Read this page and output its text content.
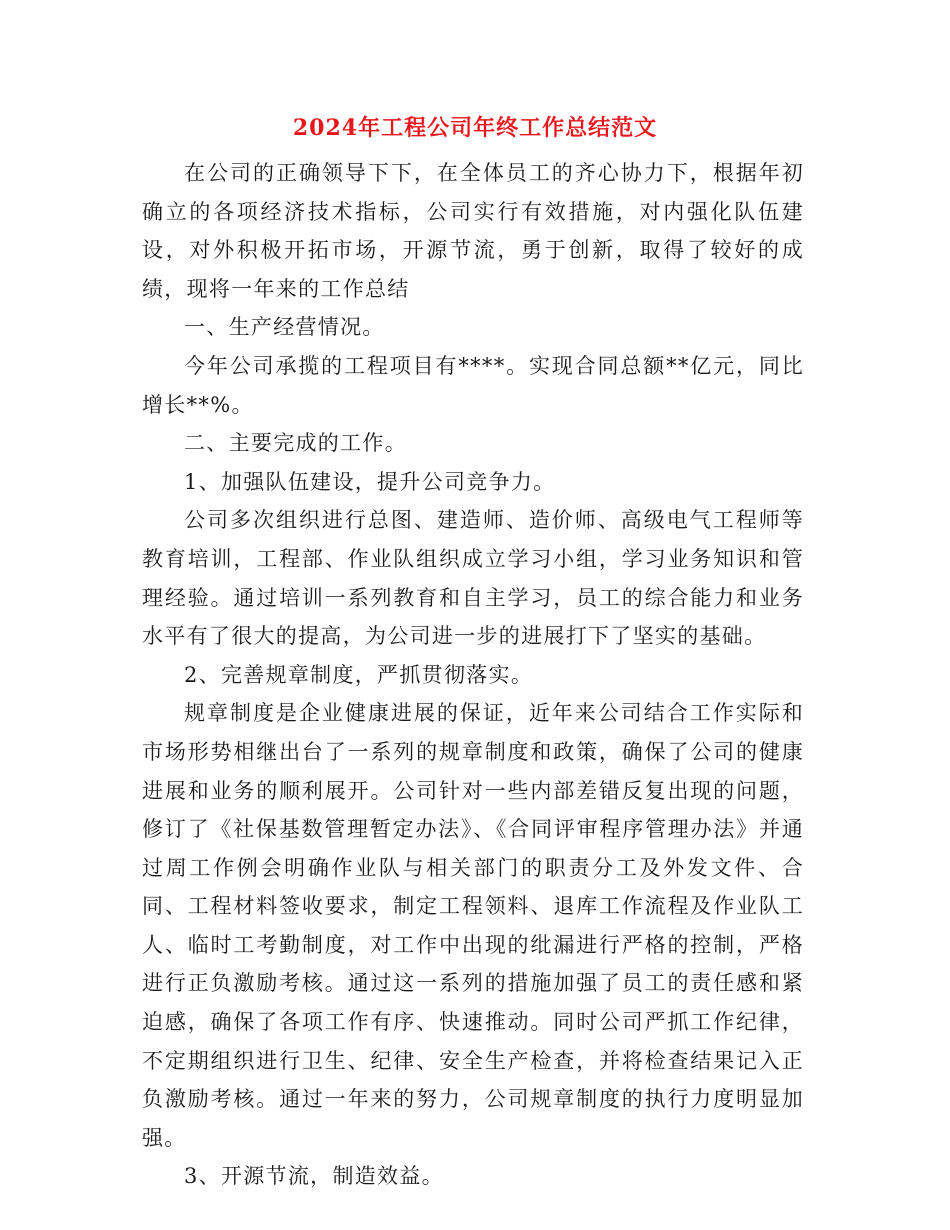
2024年工程公司年终工作总结范文

在公司的正确领导下下，在全体员工的齐心协力下，根据年初确立的各项经济技术指标，公司实行有效措施，对内强化队伍建设，对外积极开拓市场，开源节流，勇于创新，取得了较好的成绩，现将一年来的工作总结

一、生产经营情况。

今年公司承揽的工程项目有****。实现合同总额**亿元，同比增长**%。

二、主要完成的工作。

1、加强队伍建设，提升公司竞争力。

公司多次组织进行总图、建造师、造价师、高级电气工程师等教育培训，工程部、作业队组织成立学习小组，学习业务知识和管理经验。通过培训一系列教育和自主学习，员工的综合能力和业务水平有了很大的提高，为公司进一步的进展打下了坚实的基础。

2、完善规章制度，严抓贯彻落实。

规章制度是企业健康进展的保证，近年来公司结合工作实际和市场形势相继出台了一系列的规章制度和政策，确保了公司的健康进展和业务的顺利展开。公司针对一些内部差错反复出现的问题，修订了《社保基数管理暂定办法》、《合同评审程序管理办法》并通过周工作例会明确作业队与相关部门的职责分工及外发文件、合同、工程材料签收要求，制定工程领料、退库工作流程及作业队工人、临时工考勤制度，对工作中出现的纰漏进行严格的控制，严格进行正负激励考核。通过这一系列的措施加强了员工的责任感和紧迫感，确保了各项工作有序、快速推动。同时公司严抓工作纪律，不定期组织进行卫生、纪律、安全生产检查，并将检查结果记入正负激励考核。通过一年来的努力，公司规章制度的执行力度明显加强。

3、开源节流，制造效益。
